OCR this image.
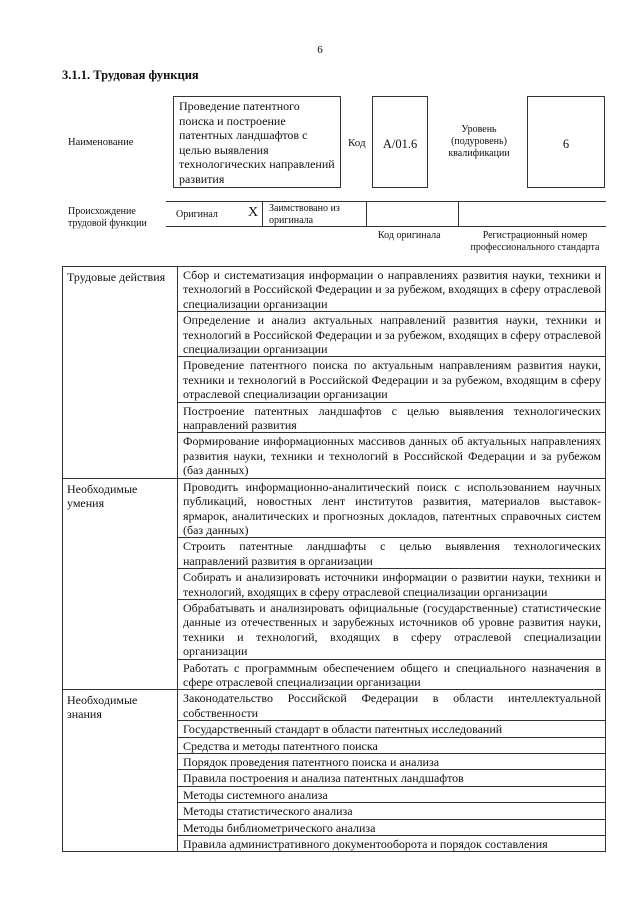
6
3.1.1. Трудовая функция
Наименование
Проведение патентного поиска и построение патентных ландшафтов с целью выявления технологических направлений развития
Код	A/01.6
Уровень (подуровень) квалификации
6
Происхождение трудовой функции
Оригинал X Заимствовано из оригинала
Код оригинала	Регистрационный номер профессионального стандарта
Трудовые действия	Сбор и систематизация информации о направлениях развития науки, техники и технологий в Российской Федерации и за рубежом, входящих в сферу отраслевой специализации организации
	Определение и анализ актуальных направлений развития науки, техники и технологий в Российской Федерации и за рубежом, входящих в сферу отраслевой специализации организации
	Проведение патентного поиска по актуальным направлениям развития науки, техники и технологий в Российской Федерации и за рубежом, входящим в сферу отраслевой специализации организации
	Построение патентных ландшафтов с целью выявления технологических направлений развития
	Формирование информационных массивов данных об актуальных направлениях развития науки, техники и технологий в Российской Федерации и за рубежом (баз данных)
Необходимые умения	Проводить информационно-аналитический поиск с использованием научных публикаций, новостных лент институтов развития, материалов выставок-ярмарок, аналитических и прогнозных докладов, патентных справочных систем (баз данных)
	Строить патентные ландшафты с целью выявления технологических направлений развития в организации
	Собирать и анализировать источники информации о развитии науки, техники и технологий, входящих в сферу отраслевой специализации организации
	Обрабатывать и анализировать официальные (государственные) статистические данные из отечественных и зарубежных источников об уровне развития науки, техники и технологий, входящих в сферу отраслевой специализации организации
	Работать с программным обеспечением общего и специального назначения в сфере отраслевой специализации организации
Необходимые знания	Законодательство Российской Федерации в области интеллектуальной собственности
	Государственный стандарт в области патентных исследований
	Средства и методы патентного поиска
	Порядок проведения патентного поиска и анализа
	Правила построения и анализа патентных ландшафтов
	Методы системного анализа
	Методы статистического анализа
	Методы библиометрического анализа
	Правила административного документооборота и порядок составления
